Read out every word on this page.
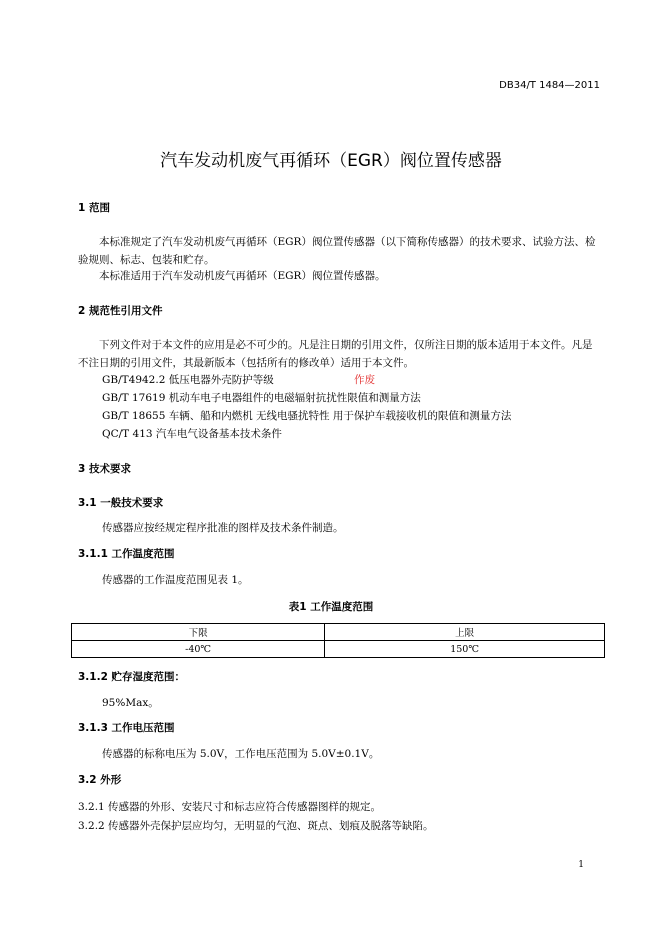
DB34/T 1484—2011
汽车发动机废气再循环（EGR）阀位置传感器
1 范围
本标准规定了汽车发动机废气再循环（EGR）阀位置传感器（以下简称传感器）的技术要求、试验方法、检验规则、标志、包装和贮存。
本标准适用于汽车发动机废气再循环（EGR）阀位置传感器。
2 规范性引用文件
下列文件对于本文件的应用是必不可少的。凡是注日期的引用文件，仅所注日期的版本适用于本文件。凡是不注日期的引用文件，其最新版本（包括所有的修改单）适用于本文件。
GB/T4942.2 低压电器外壳防护等级	作废
GB/T 17619 机动车电子电器组件的电磁辐射抗扰性限值和测量方法
GB/T 18655 车辆、船和内燃机 无线电骚扰特性 用于保护车载接收机的限值和测量方法
QC/T 413 汽车电气设备基本技术条件
3 技术要求
3.1 一般技术要求
传感器应按经规定程序批准的图样及技术条件制造。
3.1.1 工作温度范围
传感器的工作温度范围见表 1。
表1 工作温度范围
下限	上限
-40℃	150℃
3.1.2 贮存湿度范围：
95%Max。
3.1.3 工作电压范围
传感器的标称电压为 5.0V，工作电压范围为 5.0V±0.1V。
3.2 外形
3.2.1 传感器的外形、安装尺寸和标志应符合传感器图样的规定。
3.2.2 传感器外壳保护层应均匀，无明显的气泡、斑点、划痕及脱落等缺陷。
1
